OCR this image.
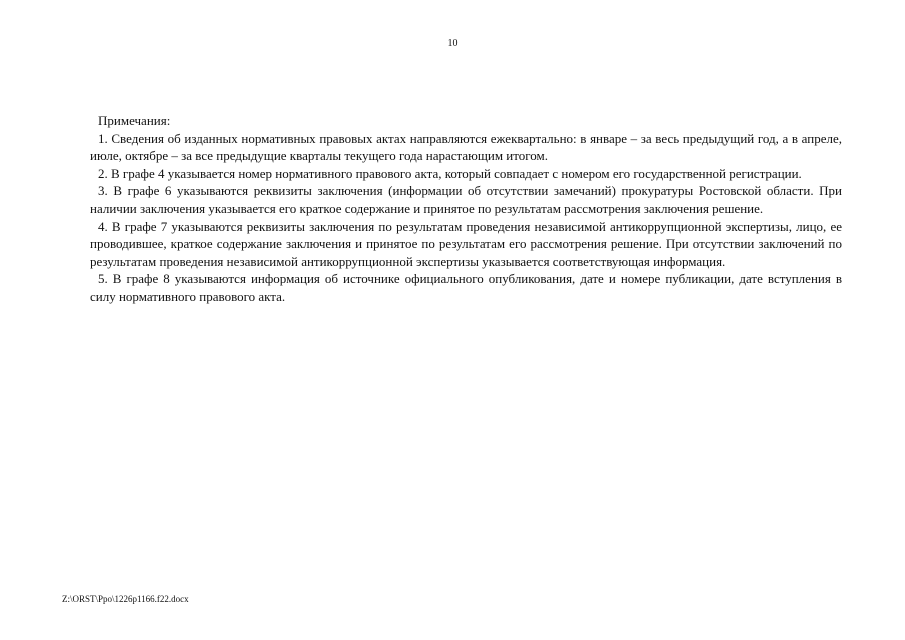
10

Примечания:

1. Сведения об изданных нормативных правовых актах направляются ежеквартально: в январе – за весь предыдущий год, а в апреле, июле, октябре – за все предыдущие кварталы текущего года нарастающим итогом.

2. В графе 4 указывается номер нормативного правового акта, который совпадает с номером его государственной регистрации.

3. В графе 6 указываются реквизиты заключения (информации об отсутствии замечаний) прокуратуры Ростовской области. При наличии заключения указывается его краткое содержание и принятое по результатам рассмотрения заключения решение.

4. В графе 7 указываются реквизиты заключения по результатам проведения независимой антикоррупционной экспертизы, лицо, ее проводившее, краткое содержание заключения и принятое по результатам его рассмотрения решение. При отсутствии заключений по результатам проведения независимой антикоррупционной экспертизы указывается соответствующая информация.

5. В графе 8 указываются информация об источнике официального опубликования, дате и номере публикации, дате вступления в силу нормативного правового акта.

Z:\ORST\Ppo\1226p1166.f22.docx
